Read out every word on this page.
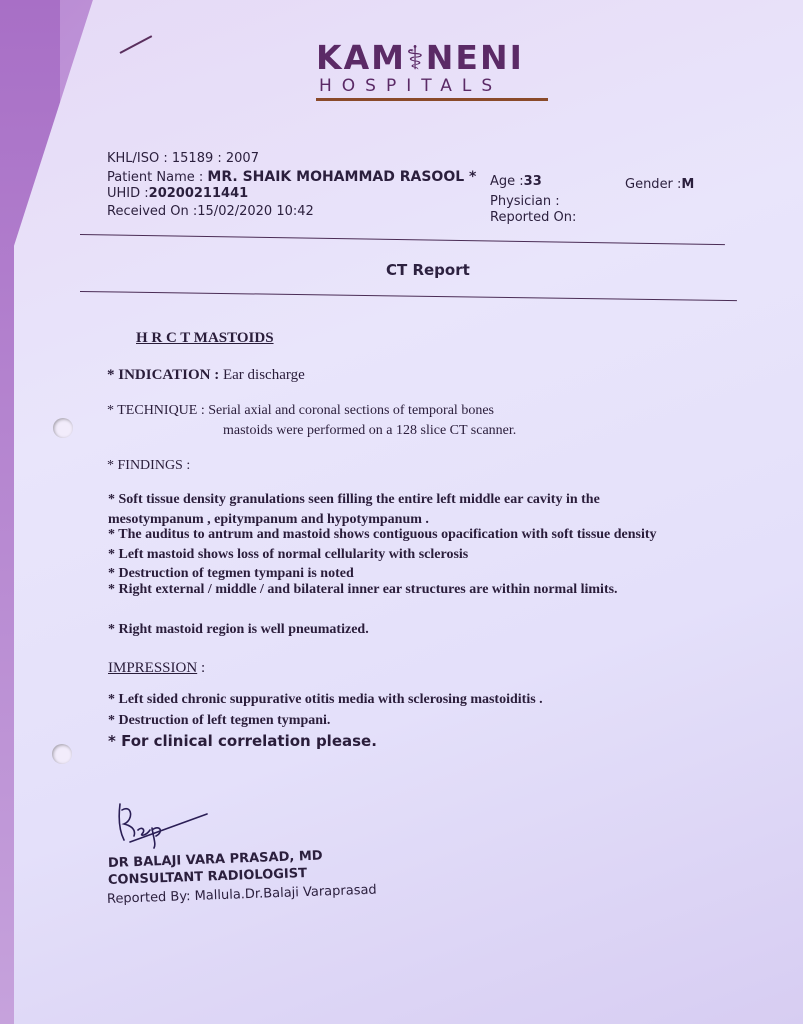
KAM⚕NENI
HOSPITALS
KHL/ISO : 15189 : 2007
Patient Name : MR. SHAIK MOHAMMAD RASOOL *
UHID :20200211441
Received On :15/02/2020 10:42
Age :33	Gender :M
Physician :
Reported On:
CT Report
H R C T MASTOIDS
* INDICATION : Ear discharge
* TECHNIQUE : Serial axial and coronal sections of temporal bones
mastoids were performed on a 128 slice CT scanner.
* FINDINGS :
* Soft tissue density granulations seen filling the entire left middle ear cavity in the
mesotympanum , epitympanum and hypotympanum .
* The auditus to antrum and mastoid shows contiguous opacification with soft tissue density
* Left mastoid shows loss of normal cellularity with sclerosis
* Destruction of tegmen tympani is noted
* Right external / middle / and bilateral inner ear structures are within normal limits.
* Right mastoid region is well pneumatized.
IMPRESSION :
* Left sided chronic suppurative otitis media with sclerosing mastoiditis .
* Destruction of left tegmen tympani.
* For clinical correlation please.
DR BALAJI VARA PRASAD, MD
CONSULTANT RADIOLOGIST
Reported By: Mallula.Dr.Balaji Varaprasad
